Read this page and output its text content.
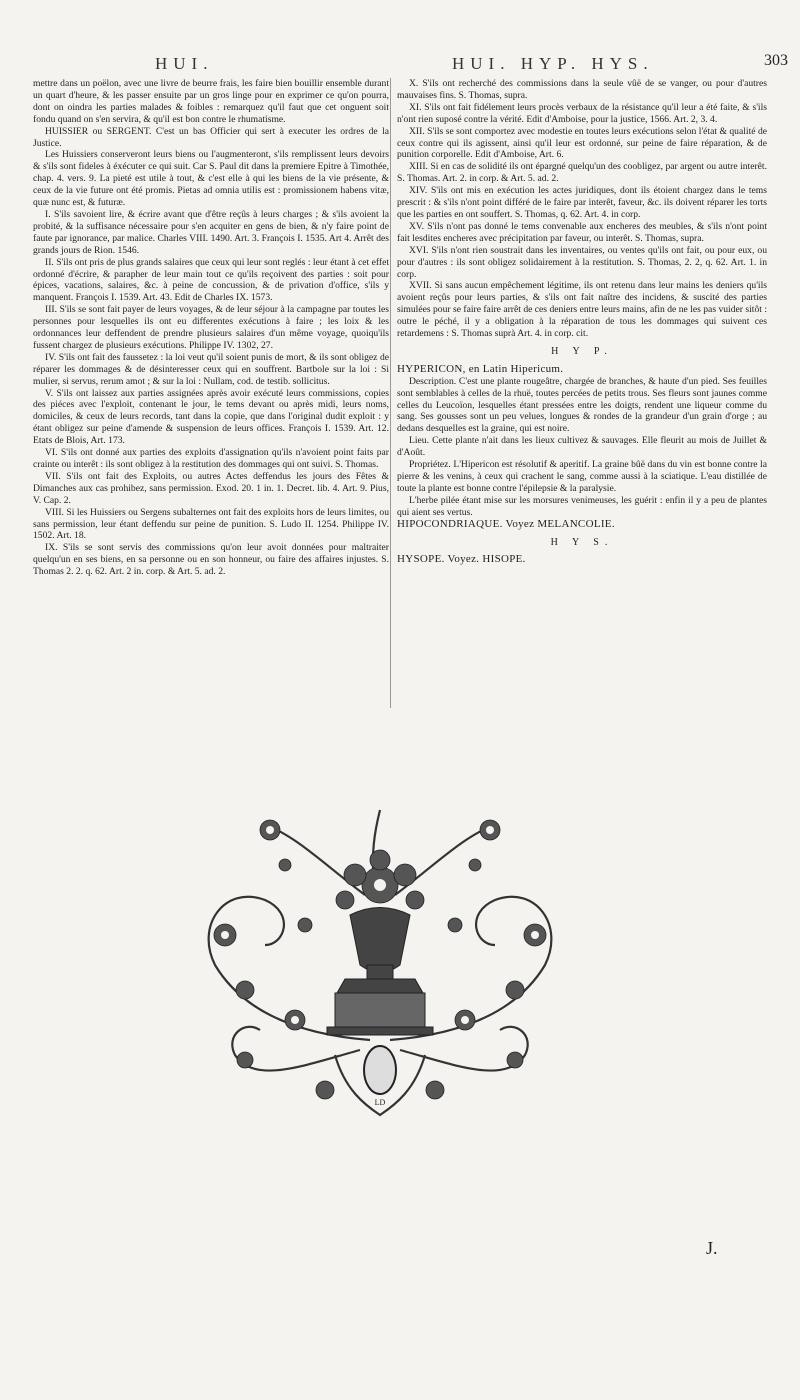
HUI.	HUI. HYP. HYS.	303

mettre dans un poëlon, avec une livre de beurre frais, les faire bien bouillir ensemble durant un quart d'heure, & les passer ensuite par un gros linge pour en exprimer ce qu'on pourra, dont on oindra les parties malades & foibles : remarquez qu'il faut que cet onguent soit fondu quand on s'en servira, & qu'il est bon contre le rhumatisme.

HUISSIER ou SERGENT. C'est un bas Officier qui sert à executer les ordres de la Justice.

Les Huissiers conserveront leurs biens ou l'augmenteront, s'ils remplissent leurs devoirs & s'ils sont fideles à éxécuter ce qui suit. Car S. Paul dit dans la premiere Epitre à Timothée, chap. 4. vers. 9. La pieté est utile à tout, & c'est elle à qui les biens de la vie présente, & ceux de la vie future ont été promis. Pietas ad omnia utilis est : promissionem habens vitæ, quæ nunc est, & futuræ.

I. S'ils savoient lire, & écrire avant que d'être reçûs à leurs charges ; & s'ils avoient la probité, & la suffisance nécessaire pour s'en acquiter en gens de bien, & n'y faire point de faute par ignorance, par malice. Charles VIII. 1490. Art. 3. François I. 1535. Art 4. Arrêt des grands jours de Rion. 1546.

II. S'ils ont pris de plus grands salaires que ceux qui leur sont reglés : leur étant à cet effet ordonné d'écrire, & parapher de leur main tout ce qu'ils reçoivent des parties : soit pour épices, vacations, salaires, &c. à peine de concussion, & de privation d'office, s'ils y manquent. François I. 1539. Art. 43. Edit de Charles IX. 1573.

III. S'ils se sont fait payer de leurs voyages, & de leur séjour à la campagne par toutes les personnes pour lesquelles ils ont eu differentes exécutions à faire ; les loix & les ordonnances leur deffendent de prendre plusieurs salaires d'un même voyage, quoiqu'ils fussent chargez de plusieurs exécutions. Philippe IV. 1302, 27.

IV. S'ils ont fait des faussetez : la loi veut qu'il soient punis de mort, & ils sont obligez de réparer les dommages & de désinteresser ceux qui en souffrent. Bartbole sur la loi : Si mulier, si servus, rerum amot ; & sur la loi : Nullam, cod. de testib. sollicitus.

V. S'ils ont laissez aux parties assignées après avoir exécuté leurs commissions, copies des piéces avec l'exploit, contenant le jour, le tems devant ou après midi, leurs noms, domiciles, & ceux de leurs records, tant dans la copie, que dans l'original dudit exploit : y étant obligez sur peine d'amende & suspension de leurs offices. François I. 1539. Art. 12. Etats de Blois, Art. 173.

VI. S'ils ont donné aux parties des exploits d'assignation qu'ils n'avoient point faits par crainte ou interêt : ils sont obligez à la restitution des dommages qui ont suivi. S. Thomas.

VII. S'ils ont fait des Exploits, ou autres Actes deffendus les jours des Fêtes & Dimanches aux cas prohibez, sans permission. Exod. 20. 1 in. 1. Decret. lib. 4. Art. 9. Pius, V. Cap. 2.

VIII. Si les Huissiers ou Sergens subalternes ont fait des exploits hors de leurs limites, ou sans permission, leur étant deffendu sur peine de punition. S. Ludo II. 1254. Philippe IV. 1502. Art. 18.

IX. S'ils se sont servis des commissions qu'on leur avoit données pour maltraiter quelqu'un en ses biens, en sa personne ou en son honneur, ou faire des affaires injustes. S. Thomas 2. 2. q. 62. Art. 2 in. corp. & Art. 5. ad. 2.

X. S'ils ont recherché des commissions dans la seule vûë de se vanger, ou pour d'autres mauvaises fins. S. Thomas, supra.

XI. S'ils ont fait fidélement leurs procès verbaux de la résistance qu'il leur a été faite, & s'ils n'ont rien suposé contre la vérité. Edit d'Amboise, pour la justice, 1566. Art. 2, 3. 4.

XII. S'ils se sont comportez avec modestie en toutes leurs exécutions selon l'état & qualité de ceux contre qui ils agissent, ainsi qu'il leur est ordonné, sur peine de faire réparation, & de punition corporelle. Edit d'Amboise, Art. 6.

XIII. Si en cas de solidité ils ont épargné quelqu'un des coobligez, par argent ou autre interêt. S. Thomas. Art. 2. in corp. & Art. 5. ad. 2.

XIV. S'ils ont mis en exécution les actes juridiques, dont ils étoient chargez dans le tems prescrit : & s'ils n'ont point différé de le faire par interêt, faveur, &c. ils doivent réparer les torts que les parties en ont souffert. S. Thomas, q. 62. Art. 4. in corp.

XV. S'ils n'ont pas donné le tems convenable aux encheres des meubles, & s'ils n'ont point fait lesdites encheres avec précipitation par faveur, ou interêt. S. Thomas, supra.

XVI. S'ils n'ont rien soustrait dans les inventaires, ou ventes qu'ils ont fait, ou pour eux, ou pour d'autres : ils sont obligez solidairement à la restitution. S. Thomas, 2. 2, q. 62. Art. 1. in corp.

XVII. Si sans aucun empêchement légitime, ils ont retenu dans leur mains les deniers qu'ils avoient reçûs pour leurs parties, & s'ils ont fait naître des incidens, & suscité des parties simulées pour se faire faire arrêt de ces deniers entre leurs mains, afin de ne les pas vuider sitôt : outre le péché, il y a obligation à la réparation de tous les dommages qui suivent ces retardemens : S. Thomas suprà Art. 4. in corp. cit.

H Y P.

HYPERICON, en Latin Hipericum.

Description. C'est une plante rougeâtre, chargée de branches, & haute d'un pied. Ses feuilles sont semblables à celles de la rhuë, toutes percées de petits trous. Ses fleurs sont jaunes comme celles du Leucoïon, lesquelles étant pressées entre les doigts, rendent une liqueur comme du sang. Ses gousses sont un peu velues, longues & rondes de la grandeur d'un grain d'orge ; au dedans desquelles est la graine, qui est noire.

Lieu. Cette plante n'ait dans les lieux cultivez & sauvages. Elle fleurit au mois de Juillet & d'Août.

Propriétez. L'Hipericon est résolutif & aperitif. La graine bûë dans du vin est bonne contre la pierre & les venins, à ceux qui crachent le sang, comme aussi à la sciatique. L'eau distillée de toute la plante est bonne contre l'épilepsie & la paralysie.

L'herbe pilée étant mise sur les morsures venimeuses, les guérit : enfin il y a peu de plantes qui aient ses vertus.

HIPOCONDRIAQUE. Voyez MELANCOLIE.

H Y S.

HYSOPE. Voyez. HISOPE.

LD
J.
